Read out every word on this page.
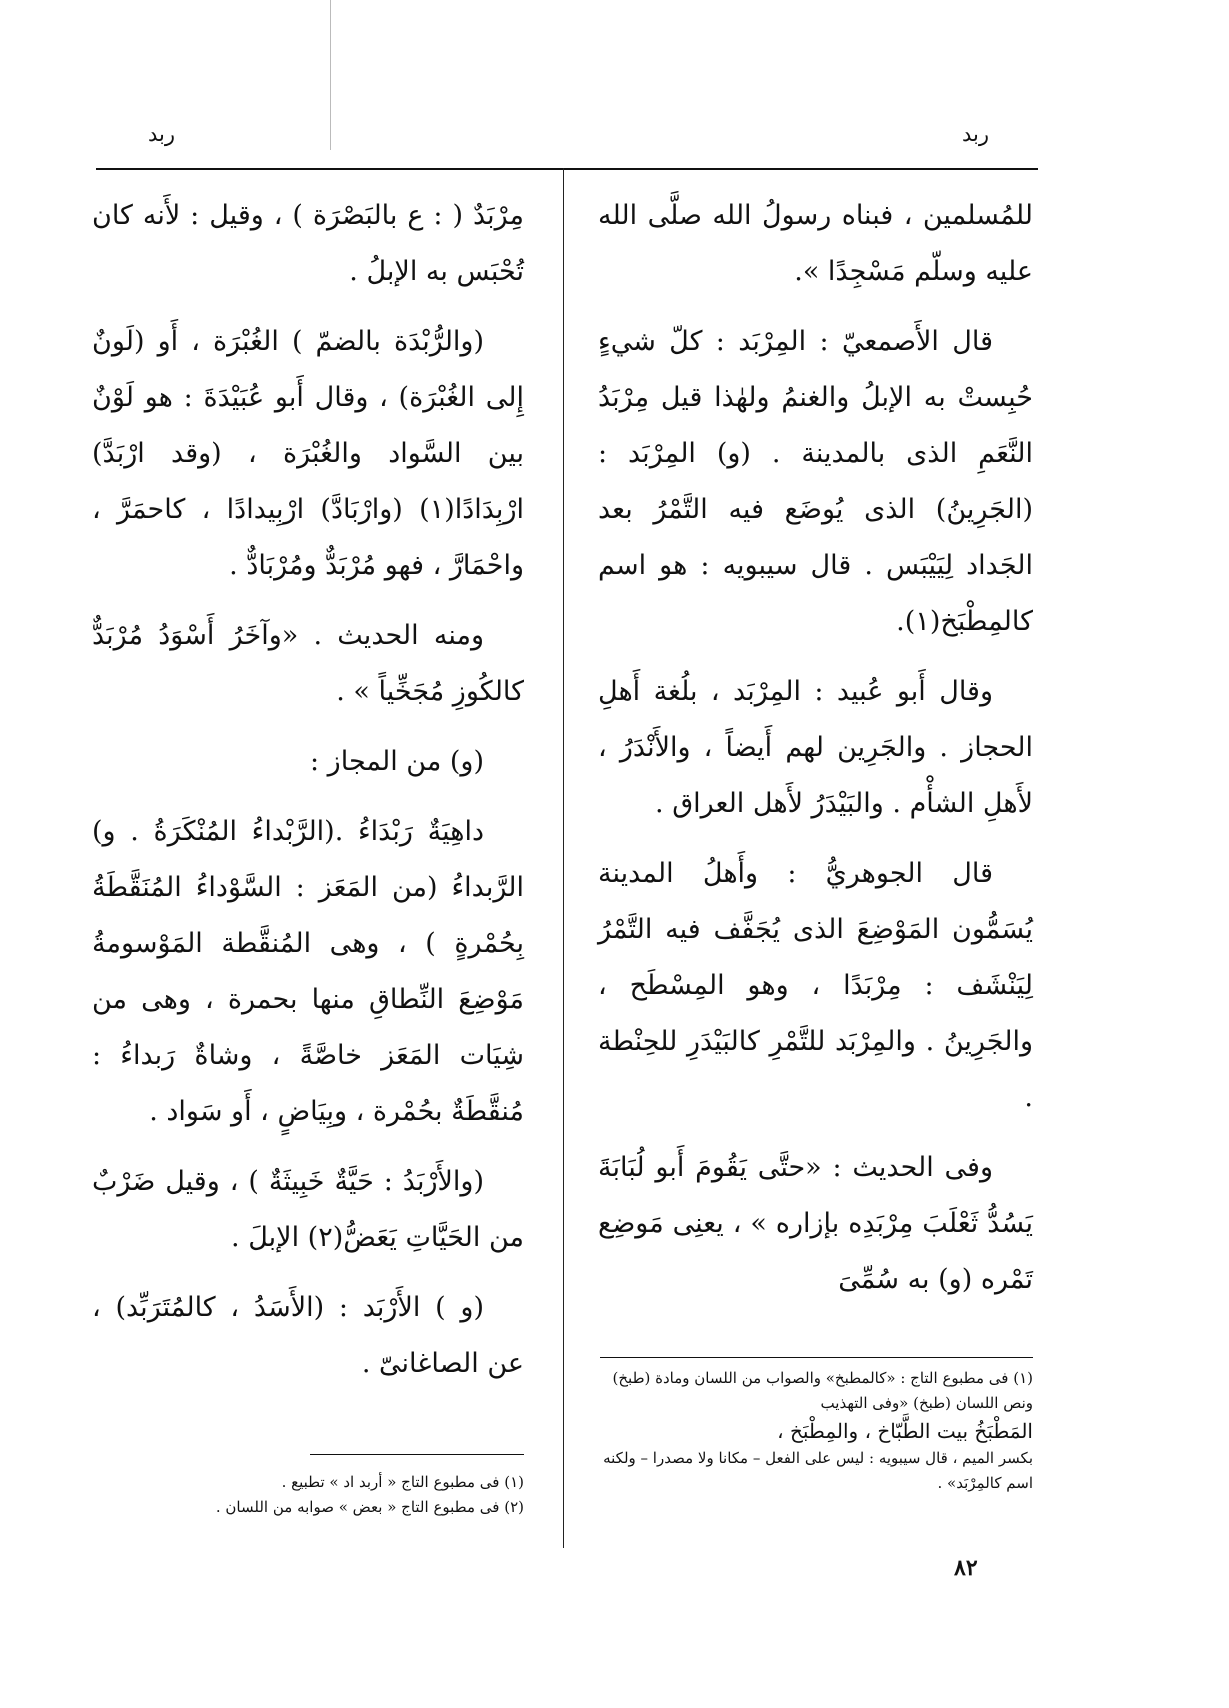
ربد
ربد

للمُسلمين ، فبناه رسولُ الله صلَّى الله عليه وسلّم مَسْجِدًا ».

قال الأَصمعيّ : المِرْبَد : كلّ شيءٍ حُبِستْ به الإبلُ والغنمُ ولهٰذا قيل مِرْبَدُ النَّعَمِ الذى بالمدينة . (و) المِرْبَد : (الجَرِينُ) الذى يُوضَع فيه التَّمْرُ بعد الجَداد لِيَيْبَس . قال سيبويه : هو اسم كالمِطْبَخ(١).

وقال أَبو عُبيد : المِرْبَد ، بلُغة أَهلِ الحجاز . والجَرِين لهم أَيضاً ، والأَنْدَرُ ، لأَهلِ الشأْم . والبَيْدَرُ لأَهل العراق .

قال الجوهريُّ : وأَهلُ المدينة يُسَمُّون المَوْضِعَ الذى يُجَفَّف فيه التَّمْرُ لِيَنْشَف : مِرْبَدًا ، وهو المِسْطَح ، والجَرِينُ . والمِرْبَد للتَّمْرِ كالبَيْدَرِ للحِنْطة .

وفى الحديث : «حتَّى يَقُومَ أَبو لُبَابَةَ يَسُدُّ ثَعْلَبَ مِرْبَدِه بإزاره » ، يعنِى مَوضِع تَمْره (و) به سُمِّىَ

مِرْبَدٌ ( : ع بالبَصْرَة ) ، وقيل : لأَنه كان تُحْبَس به الإبلُ .

(والرُّبْدَة بالضمّ ) الغُبْرَة ، أَو (لَونٌ إِلى الغُبْرَة) ، وقال أَبو عُبَيْدَةَ : هو لَوْنٌ بين السَّواد والغُبْرَة ، (وقد ارْبَدَّ) ارْبِدَادًا(١) (وارْبَادَّ) ارْبِيدادًا ، كاحمَرَّ ، واحْمَارَّ ، فهو مُرْبَدٌّ ومُرْبَادٌّ .

ومنه الحديث . «وآخَرُ أَسْوَدُ مُرْبَدٌّ كالكُوزِ مُجَخِّياً » .

(و) من المجاز :

داهِيَةٌ رَبْدَاءُ .(الرَّبْداءُ المُنْكَرَةُ . و) الرَّبداءُ (من المَعَز : السَّوْداءُ المُنَقَّطَةُ بِحُمْرةٍ ) ، وهى المُنقَّطة المَوْسومةُ مَوْضِعَ النِّطاقِ منها بحمرة ، وهى من شِيَات المَعَز خاصَّةً ، وشاةٌ رَبداءُ : مُنقَّطَةٌ بحُمْرة ، وبِيَاضٍ ، أَو سَواد .

(والأَرْبَدُ : حَيَّةٌ خَبِيثَةٌ ) ، وقيل ضَرْبٌ من الحَيَّاتِ يَعَضُّ(٢) الإبلَ .

(و ) الأَرْبَد : (الأَسَدُ ، كالمُتَرَبِّد) ، عن الصاغانىّ .	(١) فى مطبوع التاج : «كالمطبخ» والصواب من اللسان ومادة (طبخ) ونص اللسان (طبخ) «وفى التهذيب
المَطْبَخُ بيت الطَّبّاخ ، والمِطْبَخ ،
بكسر الميم ، قال سيبويه : ليس على الفعل – مكانا ولا مصدرا – ولكنه اسم كالمِرْبَد» .
(١) فى مطبوع التاج « أربد اد » تطبيع .
(٢) فى مطبوع التاج « بعض » صوابه من اللسان .
٨٢
